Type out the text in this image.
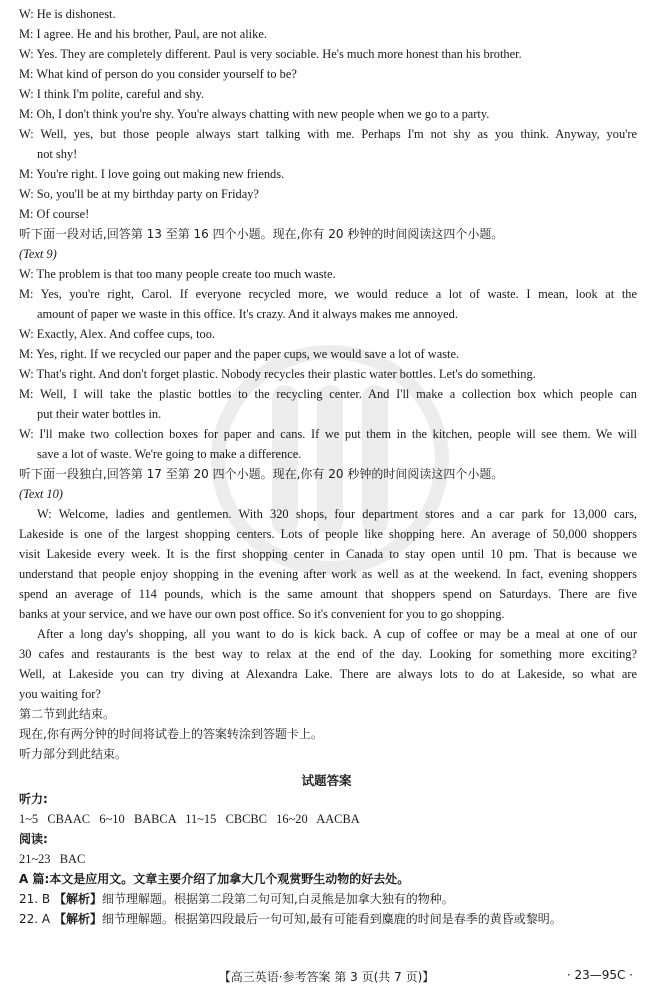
W: He is dishonest.
M: I agree. He and his brother, Paul, are not alike.
W: Yes. They are completely different. Paul is very sociable. He's much more honest than his brother.
M: What kind of person do you consider yourself to be?
W: I think I'm polite, careful and shy.
M: Oh, I don't think you're shy. You're always chatting with new people when we go to a party.
W: Well, yes, but those people always start talking with me. Perhaps I'm not shy as you think. Anyway, you're
not shy!
M: You're right. I love going out making new friends.
W: So, you'll be at my birthday party on Friday?
M: Of course!
听下面一段对话,回答第 13 至第 16 四个小题。现在,你有 20 秒钟的时间阅读这四个小题。
(Text 9)
W: The problem is that too many people create too much waste.
M: Yes, you're right, Carol. If everyone recycled more, we would reduce a lot of waste. I mean, look at the
amount of paper we waste in this office. It's crazy. And it always makes me annoyed.
W: Exactly, Alex. And coffee cups, too.
M: Yes, right. If we recycled our paper and the paper cups, we would save a lot of waste.
W: That's right. And don't forget plastic. Nobody recycles their plastic water bottles. Let's do something.
M: Well, I will take the plastic bottles to the recycling center. And I'll make a collection box which people can
put their water bottles in.
W: I'll make two collection boxes for paper and cans. If we put them in the kitchen, people will see them. We will
save a lot of waste. We're going to make a difference.
听下面一段独白,回答第 17 至第 20 四个小题。现在,你有 20 秒钟的时间阅读这四个小题。
(Text 10)
W: Welcome, ladies and gentlemen. With 320 shops, four department stores and a car park for 13,000 cars,
Lakeside is one of the largest shopping centers. Lots of people like shopping here. An average of 50,000 shoppers
visit Lakeside every week. It is the first shopping center in Canada to stay open until 10 pm. That is because we
understand that people enjoy shopping in the evening after work as well as at the weekend. In fact, evening shoppers
spend an average of 114 pounds, which is the same amount that shoppers spend on Saturdays. There are five
banks at your service, and we have our own post office. So it's convenient for you to go shopping.
After a long day's shopping, all you want to do is kick back. A cup of coffee or may be a meal at one of our
30 cafes and restaurants is the best way to relax at the end of the day. Looking for something more exciting?
Well, at Lakeside you can try diving at Alexandra Lake. There are always lots to do at Lakeside, so what are
you waiting for?
第二节到此结束。
现在,你有两分钟的时间将试卷上的答案转涂到答题卡上。
听力部分到此结束。
试题答案
听力:
1~5   CBAAC   6~10   BABCA   11~15   CBCBC   16~20   AACBA
阅读:
21~23   BAC
A 篇:本文是应用文。文章主要介绍了加拿大几个观赏野生动物的好去处。
21. B 【解析】细节理解题。根据第二段第二句可知,白灵熊是加拿大独有的物种。
22. A 【解析】细节理解题。根据第四段最后一句可知,最有可能看到麋鹿的时间是春季的黄昏或黎明。
【高三英语·参考答案 第 3 页(共 7 页)】	· 23—95C ·
